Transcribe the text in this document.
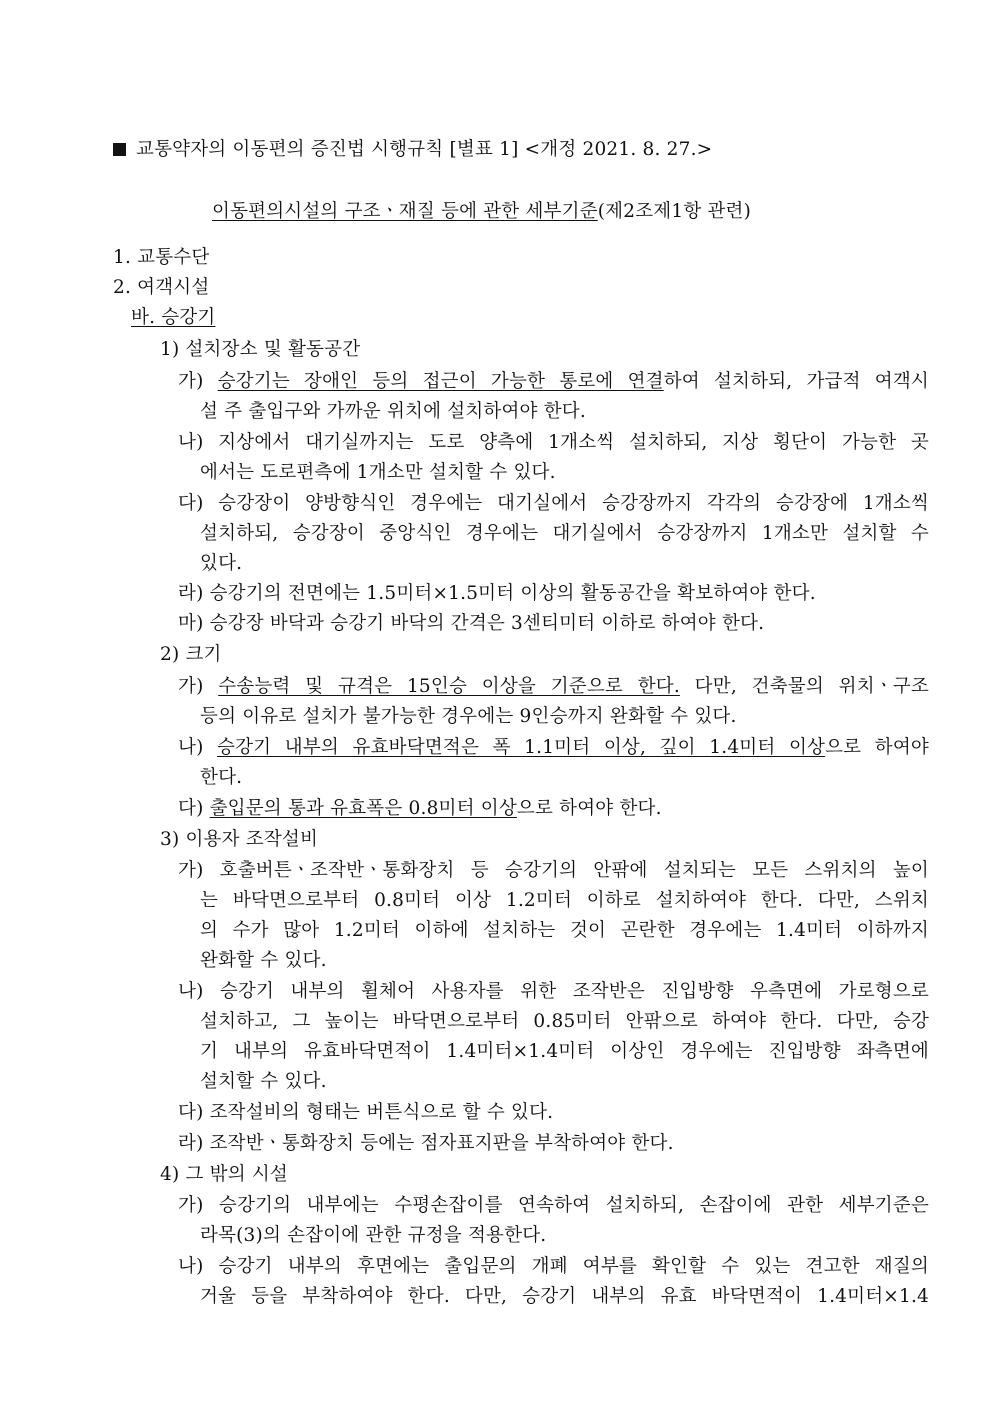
교통약자의 이동편의 증진법 시행규칙 [별표 1] <개정 2021. 8. 27.>
이동편의시설의 구조ㆍ재질 등에 관한 세부기준(제2조제1항 관련)
1. 교통수단
2. 여객시설
바. 승강기
1) 설치장소 및 활동공간
가) 승강기는 장애인 등의 접근이 가능한 통로에 연결하여 설치하되, 가급적 여객시
설 주 출입구와 가까운 위치에 설치하여야 한다.
나) 지상에서 대기실까지는 도로 양측에 1개소씩 설치하되, 지상 횡단이 가능한 곳
에서는 도로편측에 1개소만 설치할 수 있다.
다) 승강장이 양방향식인 경우에는 대기실에서 승강장까지 각각의 승강장에 1개소씩
설치하되, 승강장이 중앙식인 경우에는 대기실에서 승강장까지 1개소만 설치할 수
있다.
라) 승강기의 전면에는 1.5미터×1.5미터 이상의 활동공간을 확보하여야 한다.
마) 승강장 바닥과 승강기 바닥의 간격은 3센티미터 이하로 하여야 한다.
2) 크기
가) 수송능력 및 규격은 15인승 이상을 기준으로 한다. 다만, 건축물의 위치ㆍ구조
등의 이유로 설치가 불가능한 경우에는 9인승까지 완화할 수 있다.
나) 승강기 내부의 유효바닥면적은 폭 1.1미터 이상, 깊이 1.4미터 이상으로 하여야
한다.
다) 출입문의 통과 유효폭은 0.8미터 이상으로 하여야 한다.
3) 이용자 조작설비
가) 호출버튼ㆍ조작반ㆍ통화장치 등 승강기의 안팎에 설치되는 모든 스위치의 높이
는 바닥면으로부터 0.8미터 이상 1.2미터 이하로 설치하여야 한다. 다만, 스위치
의 수가 많아 1.2미터 이하에 설치하는 것이 곤란한 경우에는 1.4미터 이하까지
완화할 수 있다.
나) 승강기 내부의 휠체어 사용자를 위한 조작반은 진입방향 우측면에 가로형으로
설치하고, 그 높이는 바닥면으로부터 0.85미터 안팎으로 하여야 한다. 다만, 승강
기 내부의 유효바닥면적이 1.4미터×1.4미터 이상인 경우에는 진입방향 좌측면에
설치할 수 있다.
다) 조작설비의 형태는 버튼식으로 할 수 있다.
라) 조작반ㆍ통화장치 등에는 점자표지판을 부착하여야 한다.
4) 그 밖의 시설
가) 승강기의 내부에는 수평손잡이를 연속하여 설치하되, 손잡이에 관한 세부기준은
라목(3)의 손잡이에 관한 규정을 적용한다.
나) 승강기 내부의 후면에는 출입문의 개폐 여부를 확인할 수 있는 견고한 재질의
거울 등을 부착하여야 한다. 다만, 승강기 내부의 유효 바닥면적이 1.4미터×1.4
